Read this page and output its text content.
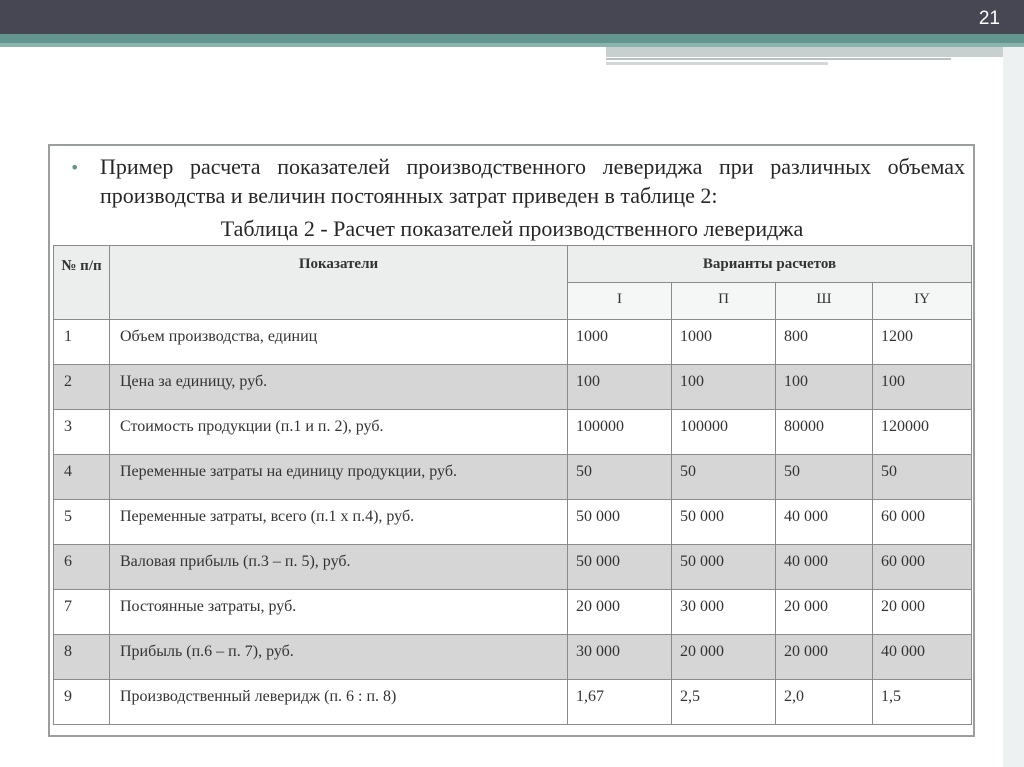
21
• Пример расчета показателей производственного левериджа при различных объемах производства и величин постоянных затрат приведен в таблице 2:

Таблица 2 - Расчет показателей производственного левериджа

№ п/п	Показатели	Варианты расчетов			
		I	П	Ш	IY
1	Объем производства, единиц	1000	1000	800	1200
2	Цена за единицу, руб.	100	100	100	100
3	Стоимость продукции (п.1 и п. 2), руб.	100000	100000	80000	120000
4	Переменные затраты на единицу продукции, руб.	50	50	50	50
5	Переменные затраты, всего (п.1 х п.4), руб.	50 000	50 000	40 000	60 000
6	Валовая прибыль (п.3 – п. 5), руб.	50 000	50 000	40 000	60 000
7	Постоянные затраты, руб.	20 000	30 000	20 000	20 000
8	Прибыль (п.6 – п. 7), руб.	30 000	20 000	20 000	40 000
9	Производственный левeридж (п. 6 : п. 8)	1,67	2,5	2,0	1,5
